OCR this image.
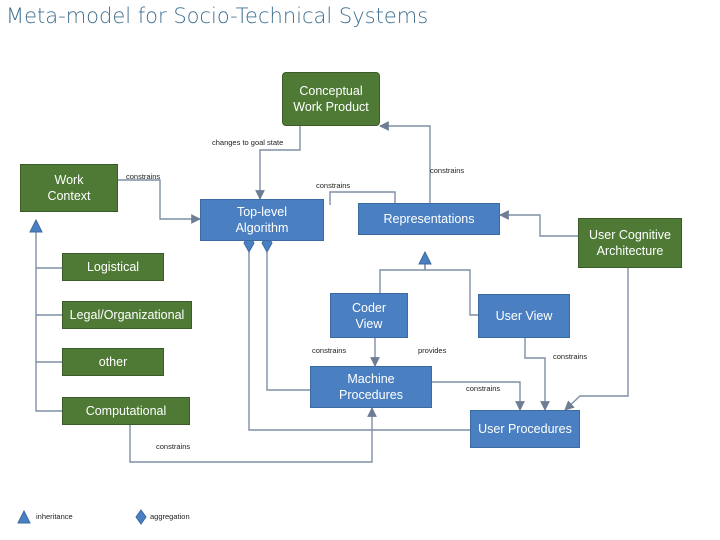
Meta-model for Socio-Technical Systems
Conceptual
Work Product
Work
Context
Top-level
Algorithm
Representations
User Cognitive
Architecture
Logistical
Coder
View
Legal/Organizational	User View
other
Machine
Procedures
Computational
User Procedures
changes to goal state
constrains
constrains
constrains
constrains	provides
constrains
constrains
constrains
inheritance	aggregation
